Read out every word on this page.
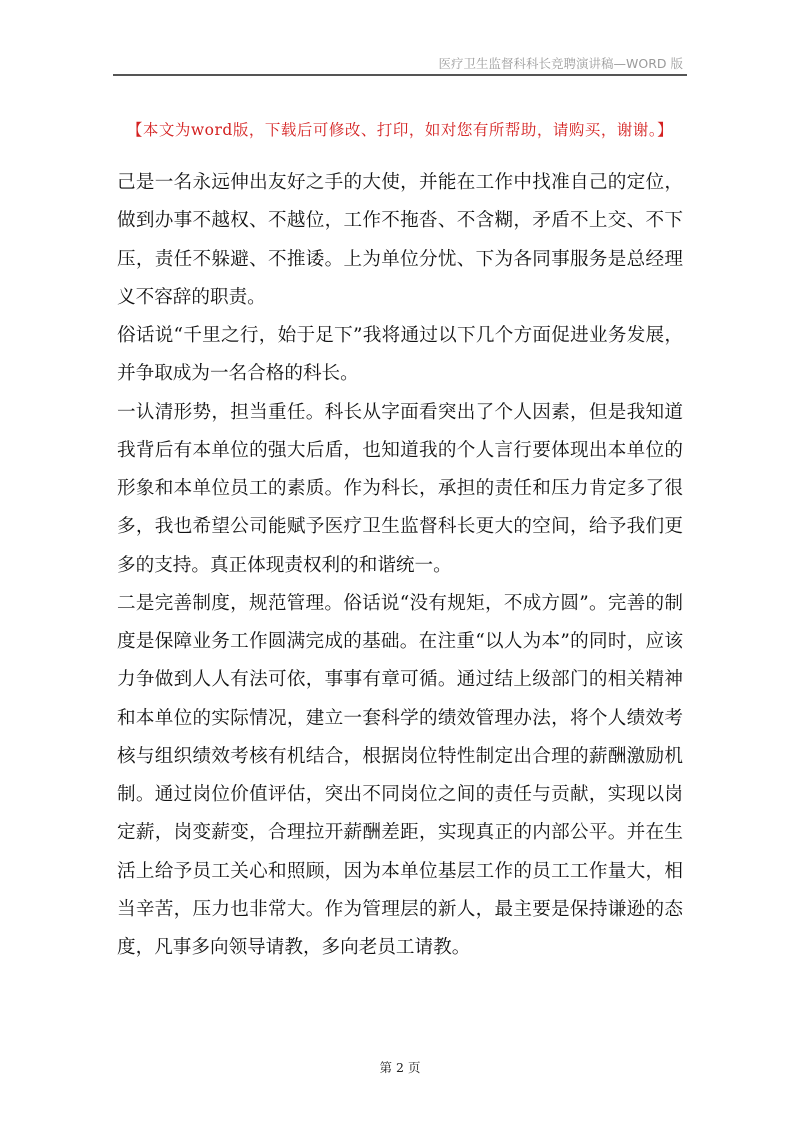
医疗卫生监督科科长竞聘演讲稿—WORD 版
【本文为word版，下载后可修改、打印，如对您有所帮助，请购买，谢谢。】
己是一名永远伸出友好之手的大使，并能在工作中找准自己的定位，
做到办事不越权、不越位，工作不拖沓、不含糊，矛盾不上交、不下
压，责任不躲避、不推诿。上为单位分忧、下为各同事服务是总经理
义不容辞的职责。
俗话说“千里之行，始于足下”我将通过以下几个方面促进业务发展，
并争取成为一名合格的科长。
一认清形势，担当重任。科长从字面看突出了个人因素，但是我知道
我背后有本单位的强大后盾，也知道我的个人言行要体现出本单位的
形象和本单位员工的素质。作为科长，承担的责任和压力肯定多了很
多，我也希望公司能赋予医疗卫生监督科长更大的空间，给予我们更
多的支持。真正体现责权利的和谐统一。
二是完善制度，规范管理。俗话说“没有规矩，不成方圆”。完善的制
度是保障业务工作圆满完成的基础。在注重“以人为本”的同时，应该
力争做到人人有法可依，事事有章可循。通过结上级部门的相关精神
和本单位的实际情况，建立一套科学的绩效管理办法，将个人绩效考
核与组织绩效考核有机结合，根据岗位特性制定出合理的薪酬激励机
制。通过岗位价值评估，突出不同岗位之间的责任与贡献，实现以岗
定薪，岗变薪变，合理拉开薪酬差距，实现真正的内部公平。并在生
活上给予员工关心和照顾，因为本单位基层工作的员工工作量大，相
当辛苦，压力也非常大。作为管理层的新人，最主要是保持谦逊的态
度，凡事多向领导请教，多向老员工请教。
第 2 页
